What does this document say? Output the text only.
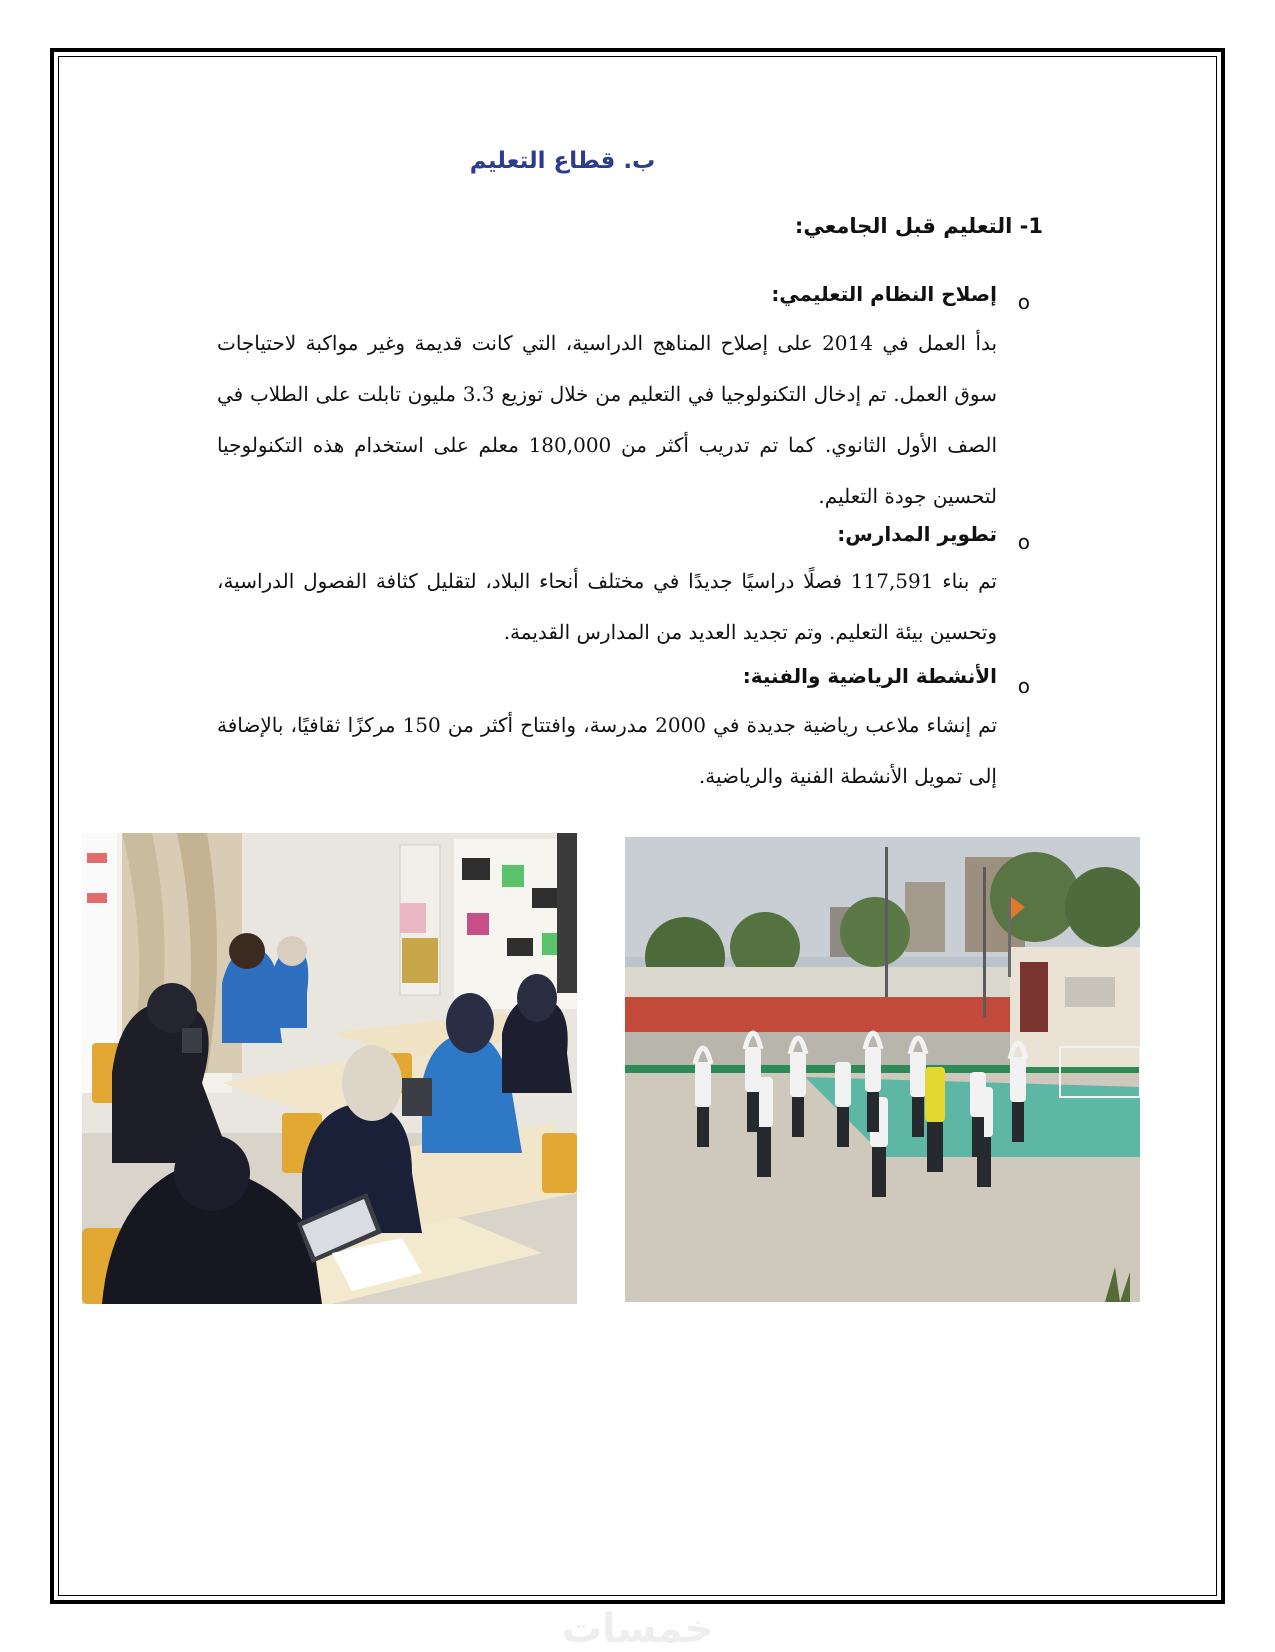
ب. قطاع التعليم
1- التعليم قبل الجامعي:
o
إصلاح النظام التعليمي:
بدأ العمل في 2014 على إصلاح المناهج الدراسية، التي كانت قديمة وغير مواكبة لاحتياجات سوق العمل. تم إدخال التكنولوجيا في التعليم من خلال توزيع 3.3 مليون تابلت على الطلاب في الصف الأول الثانوي. كما تم تدريب أكثر من 180,000 معلم على استخدام هذه التكنولوجيا لتحسين جودة التعليم.
o
تطوير المدارس:
تم بناء 117,591 فصلًا دراسيًا جديدًا في مختلف أنحاء البلاد، لتقليل كثافة الفصول الدراسية، وتحسين بيئة التعليم. وتم تجديد العديد من المدارس القديمة.
o
الأنشطة الرياضية والفنية:
تم إنشاء ملاعب رياضية جديدة في 2000 مدرسة، وافتتاح أكثر من 150 مركزًا ثقافيًا، بالإضافة إلى تمويل الأنشطة الفنية والرياضية.
خمسات
